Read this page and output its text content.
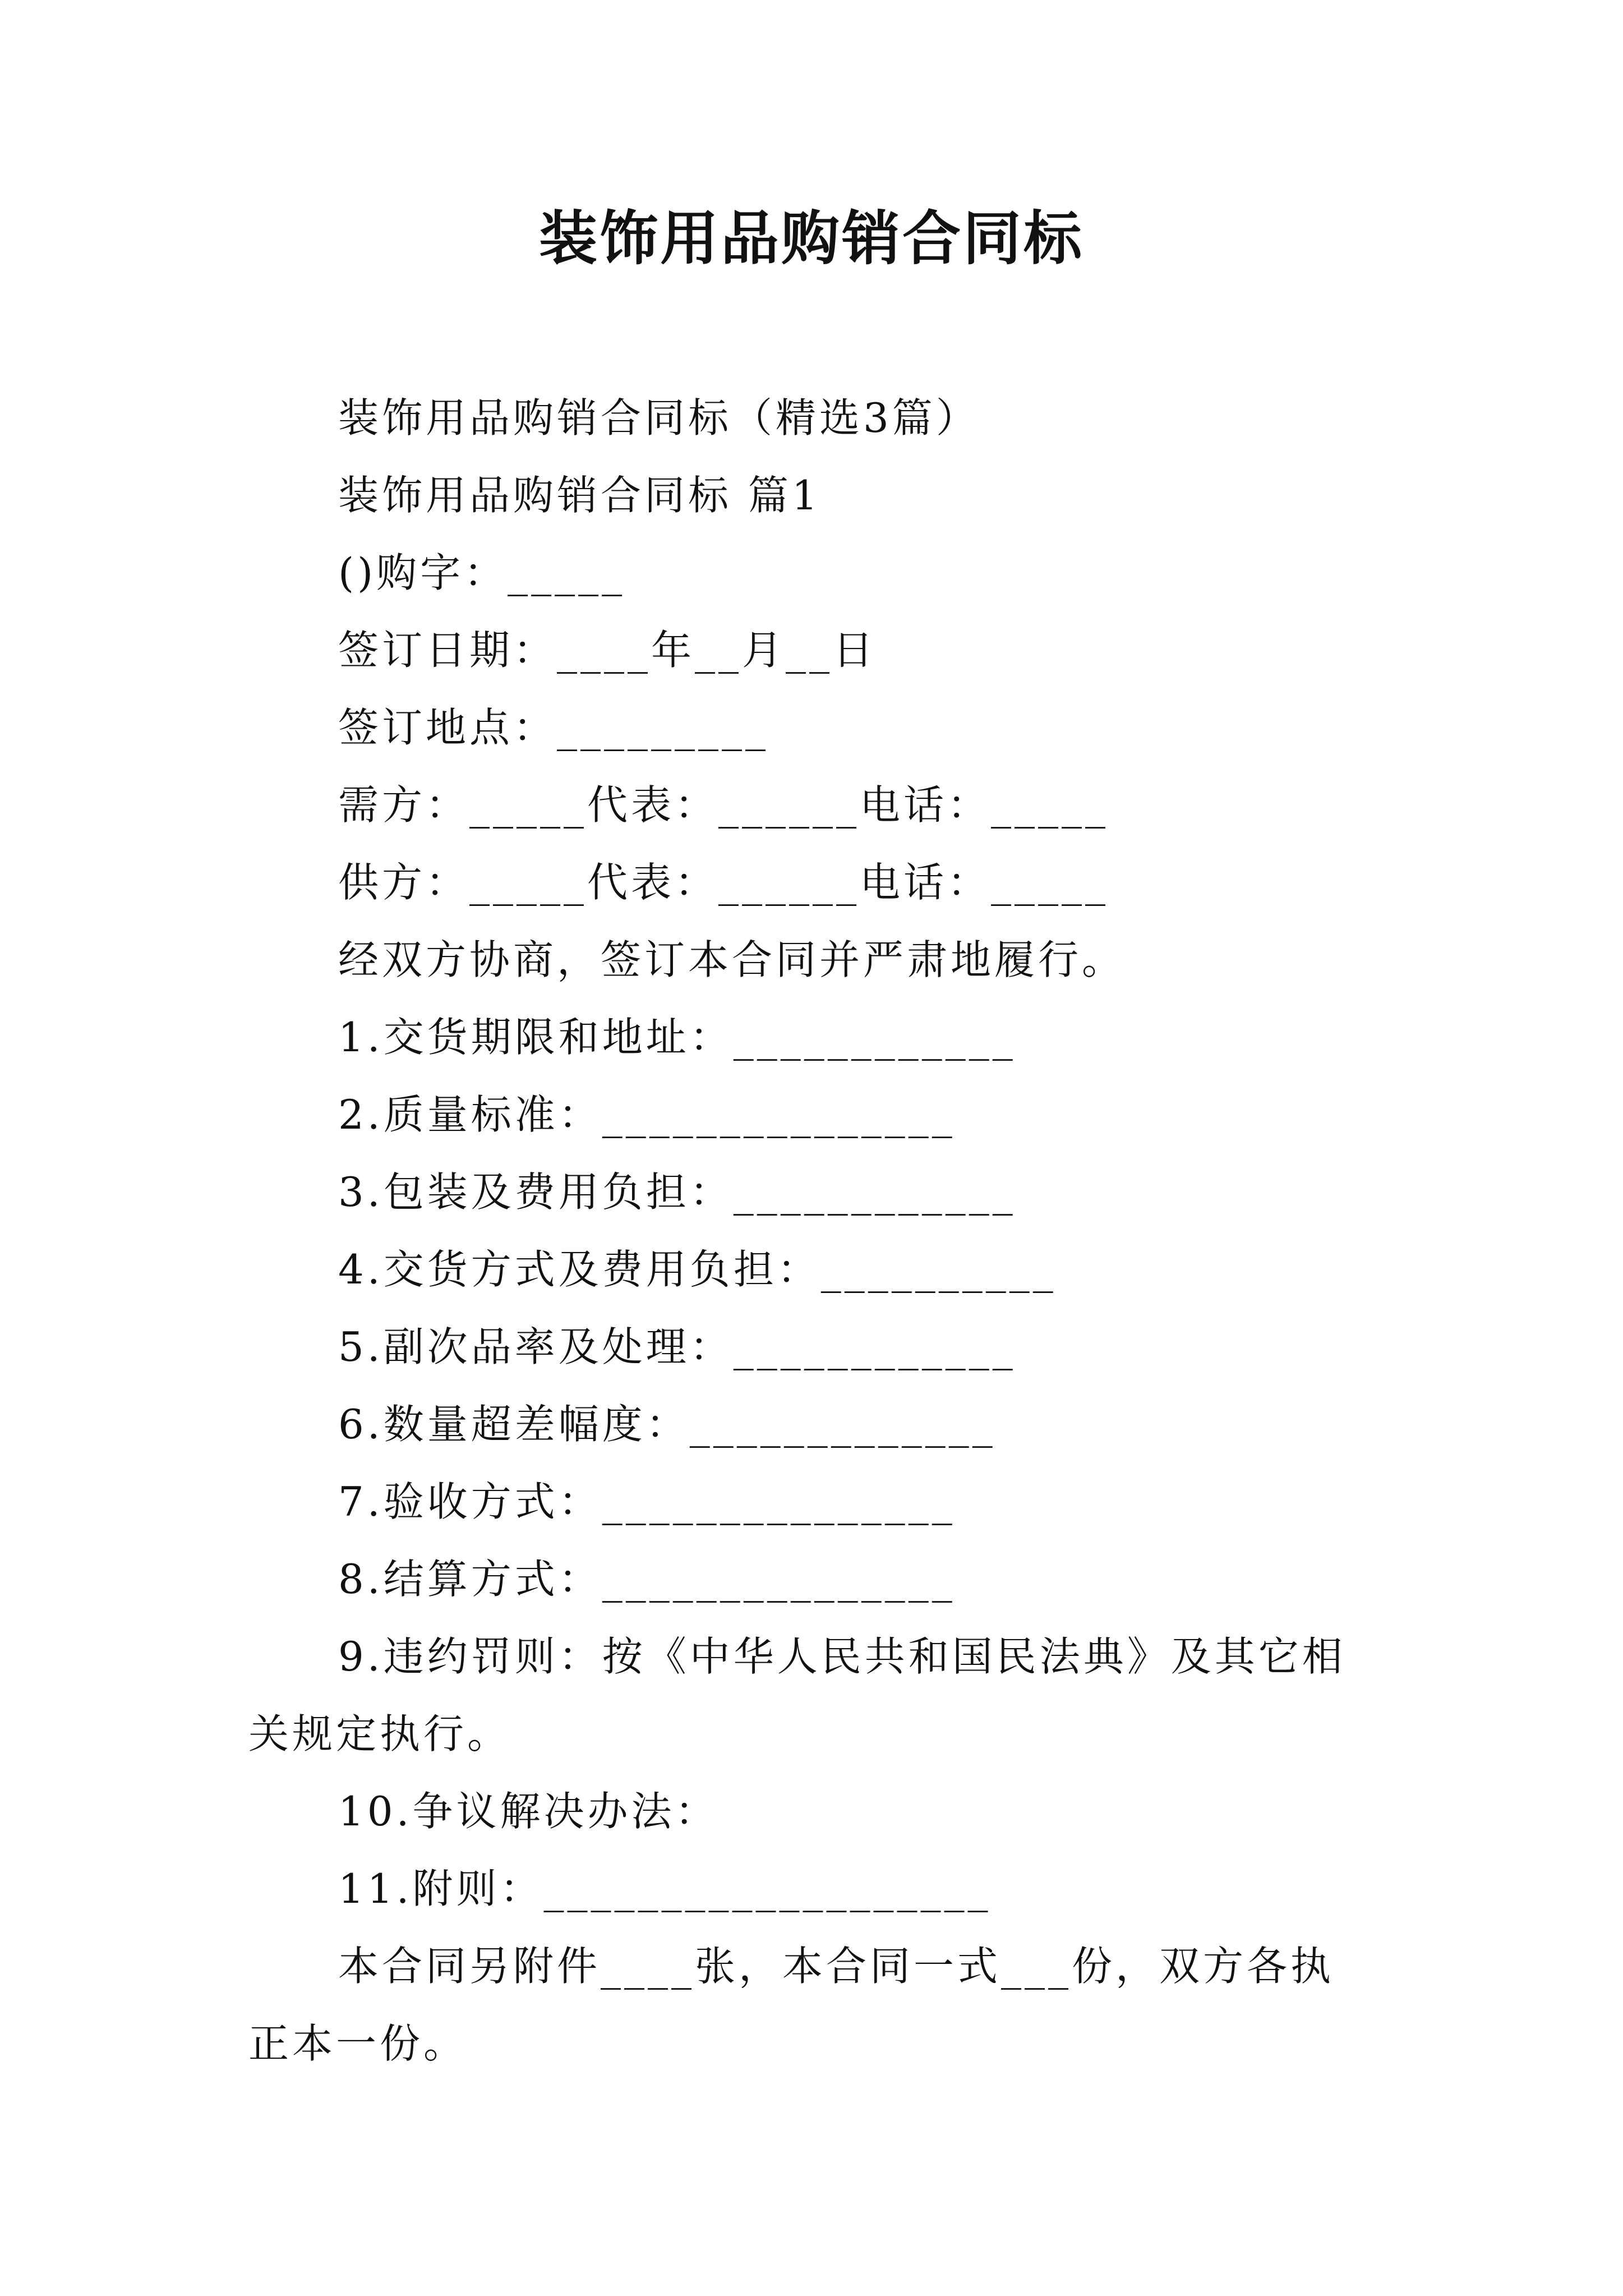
装饰用品购销合同标

装饰用品购销合同标（精选3篇）

装饰用品购销合同标 篇1

()购字：_____

签订日期：____年__月__日

签订地点：_________

需方：_____代表：______电话：_____

供方：_____代表：______电话：_____

经双方协商，签订本合同并严肃地履行。

1.交货期限和地址：____________

2.质量标准：_______________

3.包装及费用负担：____________

4.交货方式及费用负担：__________

5.副次品率及处理：____________

6.数量超差幅度：_____________

7.验收方式：_______________

8.结算方式：_______________

9.违约罚则：按《中华人民共和国民法典》及其它相关规定执行。

10.争议解决办法：

11.附则：___________________

本合同另附件____张，本合同一式___份，双方各执正本一份。
